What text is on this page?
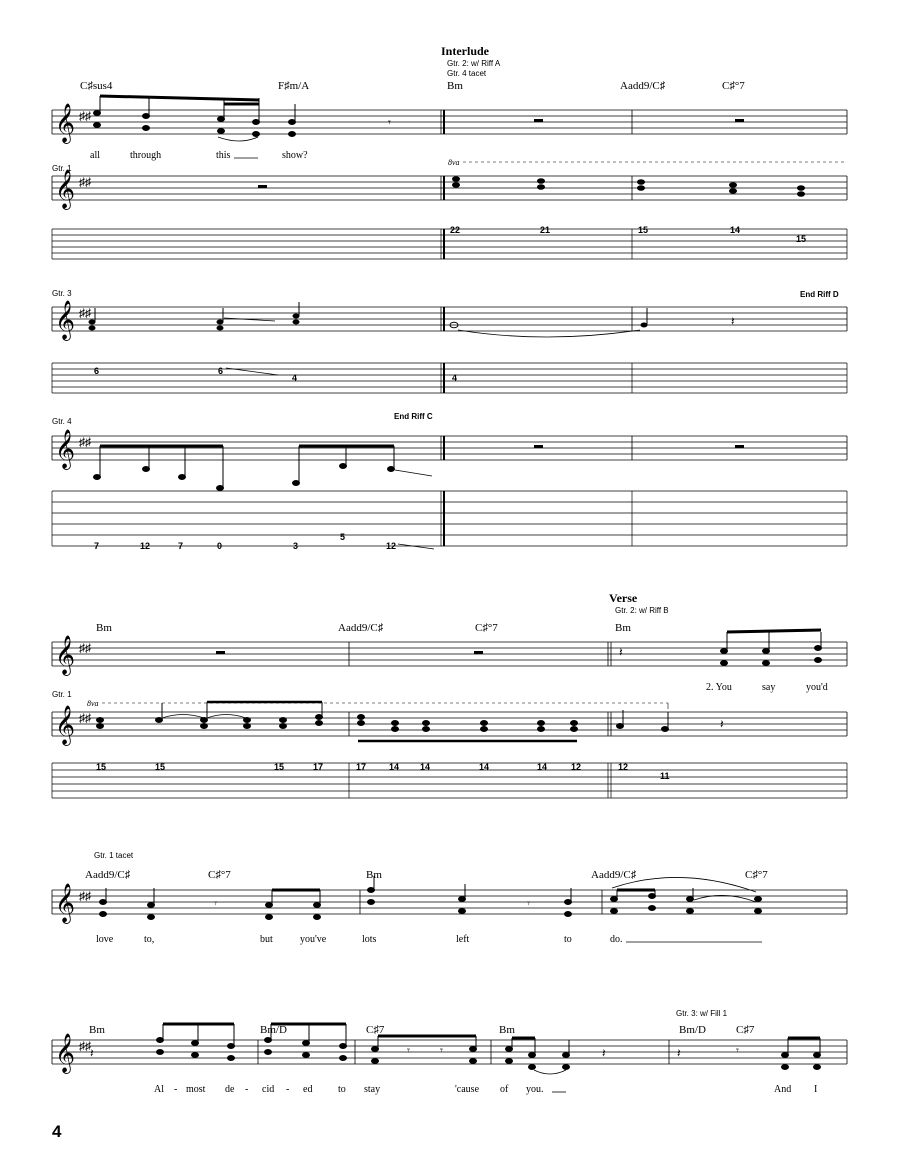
Interlude
Gtr. 2: w/ Riff A
Gtr. 4 tacet
C♯sus4	F♯m/A	Bm	Aadd9/C♯	C♯°7
𝄞 ♯♯	𝄾
all	through	this	show?
Gtr. 1
8va
𝄞 ♯♯
22	21	15	14
15
Gtr. 3	End Riff D
𝄞 ♯♯
𝄽
6	6
4	4
Gtr. 4
End Riff C
𝄞 ♯♯
7	12	7	0	3
5
12
Verse
Gtr. 2: w/ Riff B
Bm	Aadd9/C♯	C♯°7	Bm
𝄞 ♯♯	𝄽
2. You	say	you'd
Gtr. 1
8va
𝄞 ♯♯	𝄽
15	15	15	17	17	14 14	14	14	12	12
11
Gtr. 1 tacet
Aadd9/C♯	C♯°7	Bm	Aadd9/C♯	C♯°7
𝄞 ♯♯
𝄾	𝄾
love	to,	but	you've	lots	left	to	do.
Gtr. 3: w/ Fill 1
Bm	Bm/D	C♯7	Bm	Bm/D	C♯7
𝄞 ♯♯ 𝄽	𝄾	𝄾	𝄽	𝄽	𝄾
Al - most de - cid - ed	to stay	'cause of you.	And I
4
